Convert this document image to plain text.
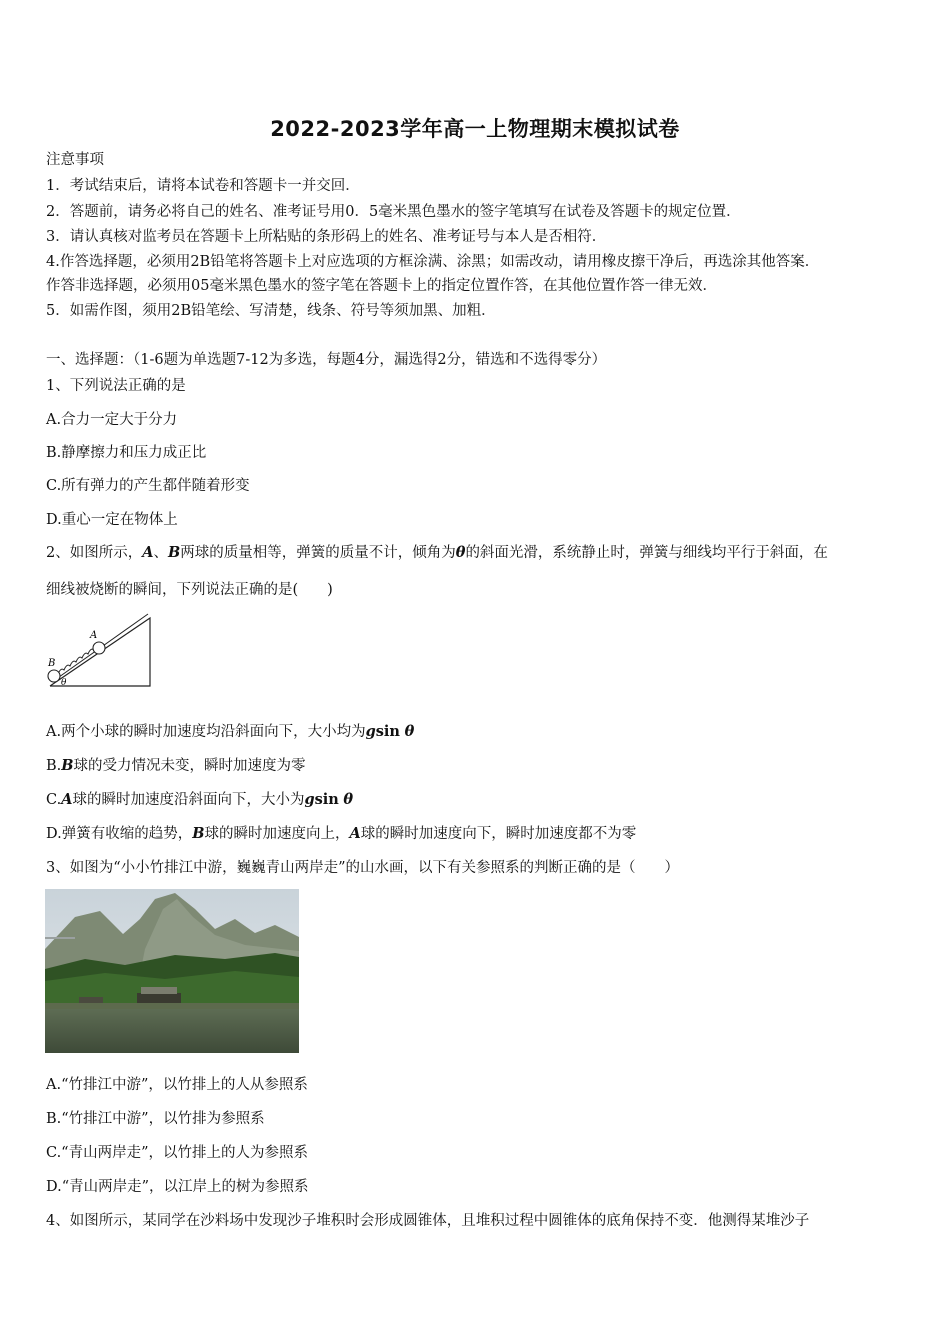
2022-2023学年高一上物理期末模拟试卷
注意事项
1．考试结束后，请将本试卷和答题卡一并交回．
2．答题前，请务必将自己的姓名、准考证号用0．5毫米黑色墨水的签字笔填写在试卷及答题卡的规定位置．
3．请认真核对监考员在答题卡上所粘贴的条形码上的姓名、准考证号与本人是否相符．
4.作答选择题，必须用2B铅笔将答题卡上对应选项的方框涂满、涂黑；如需改动，请用橡皮擦干净后，再选涂其他答案．
作答非选择题，必须用05毫米黑色墨水的签字笔在答题卡上的指定位置作答，在其他位置作答一律无效．
5．如需作图，须用2B铅笔绘、写清楚，线条、符号等须加黑、加粗．
一、选择题：（1-6题为单选题7-12为多选，每题4分，漏选得2分，错选和不选得零分）
1、下列说法正确的是
A.合力一定大于分力
B.静摩擦力和压力成正比
C.所有弹力的产生都伴随着形变
D.重心一定在物体上
2、如图所示，A、B两球的质量相等，弹簧的质量不计，倾角为θ的斜面光滑，系统静止时，弹簧与细线均平行于斜面，在
细线被烧断的瞬间，下列说法正确的是(　　)
B
A
θ
A.两个小球的瞬时加速度均沿斜面向下，大小均为gsin θ
B.B球的受力情况未变，瞬时加速度为零
C.A球的瞬时加速度沿斜面向下，大小为gsin θ
D.弹簧有收缩的趋势，B球的瞬时加速度向上，A球的瞬时加速度向下，瞬时加速度都不为零
3、如图为“小小竹排江中游，巍巍青山两岸走”的山水画，以下有关参照系的判断正确的是（　　）
A.“竹排江中游”，以竹排上的人从参照系
B.“竹排江中游”，以竹排为参照系
C.“青山两岸走”，以竹排上的人为参照系
D.“青山两岸走”，以江岸上的树为参照系
4、如图所示，某同学在沙料场中发现沙子堆积时会形成圆锥体，且堆积过程中圆锥体的底角保持不变．他测得某堆沙子
